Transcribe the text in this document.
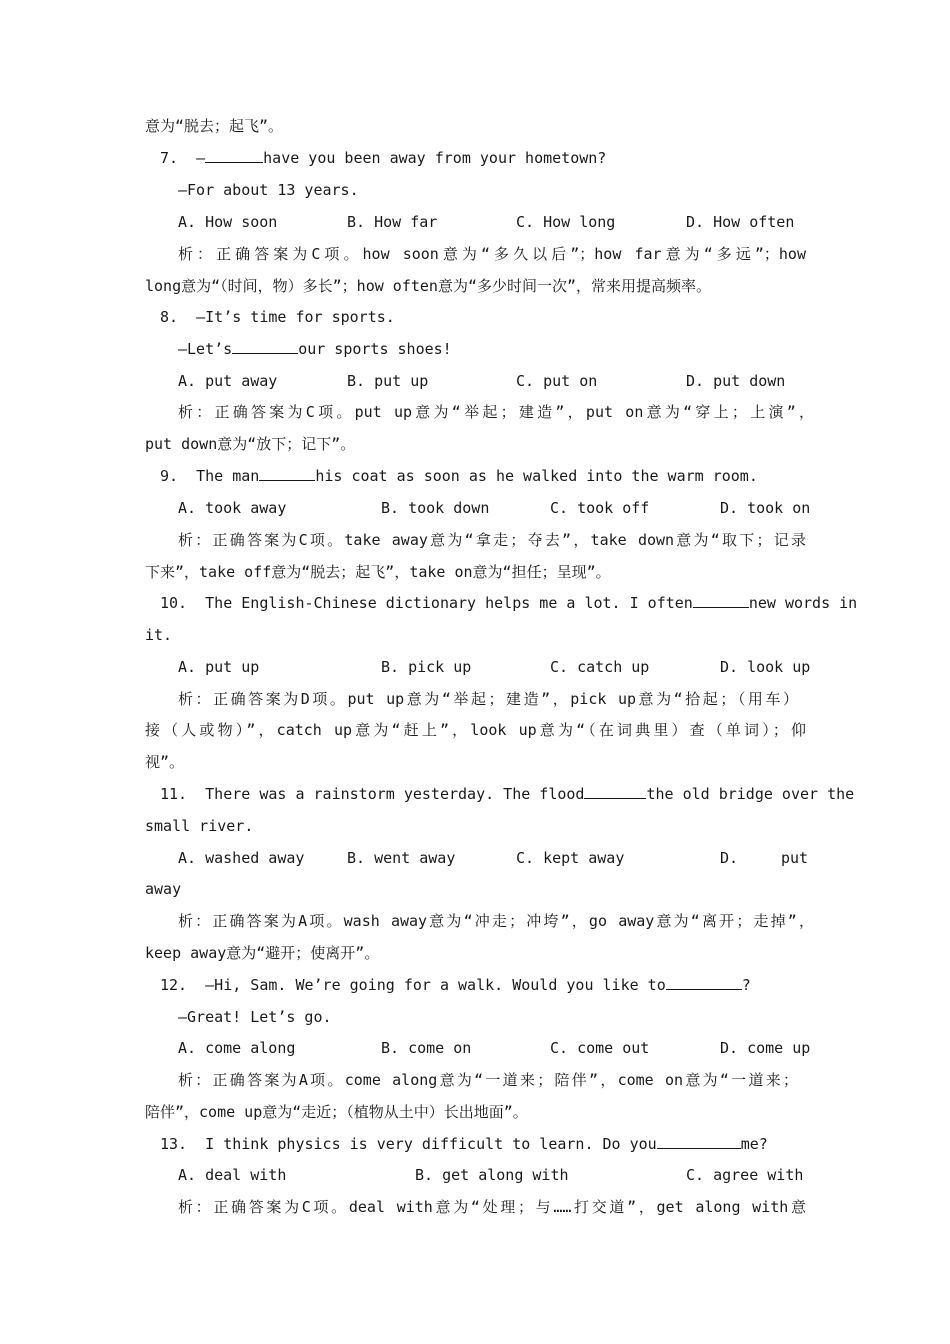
意为“脱去；起飞”。
7.  —	have you been away from your hometown?
—For about 13 years.
A. How soon	B. How far	C. How long	D. How often
析：正确答案为C项。how soon意为“多久以后”；how far意为“多远”；how
long意为“（时间，物）多长”；how often意为“多少时间一次”，常来用提高频率。
8.  —It’s time for sports.
—Let’s	our sports shoes!
A. put away	B. put up	C. put on	D. put down
析：正确答案为C项。put up意为“举起；建造”，put on意为“穿上；上演”，
put down意为“放下；记下”。
9.  The man	his coat as soon as he walked into the warm room.
A. took away	B. took down	C. took off	D. took on
析：正确答案为C项。take away意为“拿走；夺去”，take down意为“取下；记录
下来”，take off意为“脱去；起飞”，take on意为“担任；呈现”。
10.  The English-Chinese dictionary helps me a lot. I often	new words in
it.
A. put up	B. pick up	C. catch up	D. look up
析：正确答案为D项。put up意为“举起；建造”，pick up意为“拾起；（用车）
接（人或物）”，catch up意为“赶上”，look up意为“（在词典里）查（单词）；仰
视”。
11.  There was a rainstorm yesterday. The flood	the old bridge over the
small river.
A. washed away	B. went away	C. kept away	D.	put
away
析：正确答案为A项。wash away意为“冲走；冲垮”，go away意为“离开；走掉”，
keep away意为“避开；使离开”。
12.  —Hi, Sam. We’re going for a walk. Would you like to	?
—Great! Let’s go.
A. come along	B. come on	C. come out	D. come up
析：正确答案为A项。come along意为“一道来；陪伴”，come on意为“一道来；
陪伴”，come up意为“走近；（植物从土中）长出地面”。
13.  I think physics is very difficult to learn. Do you	me?
A. deal with	B. get along with	C. agree with
析：正确答案为C项。deal with意为“处理；与……打交道”，get along with意
